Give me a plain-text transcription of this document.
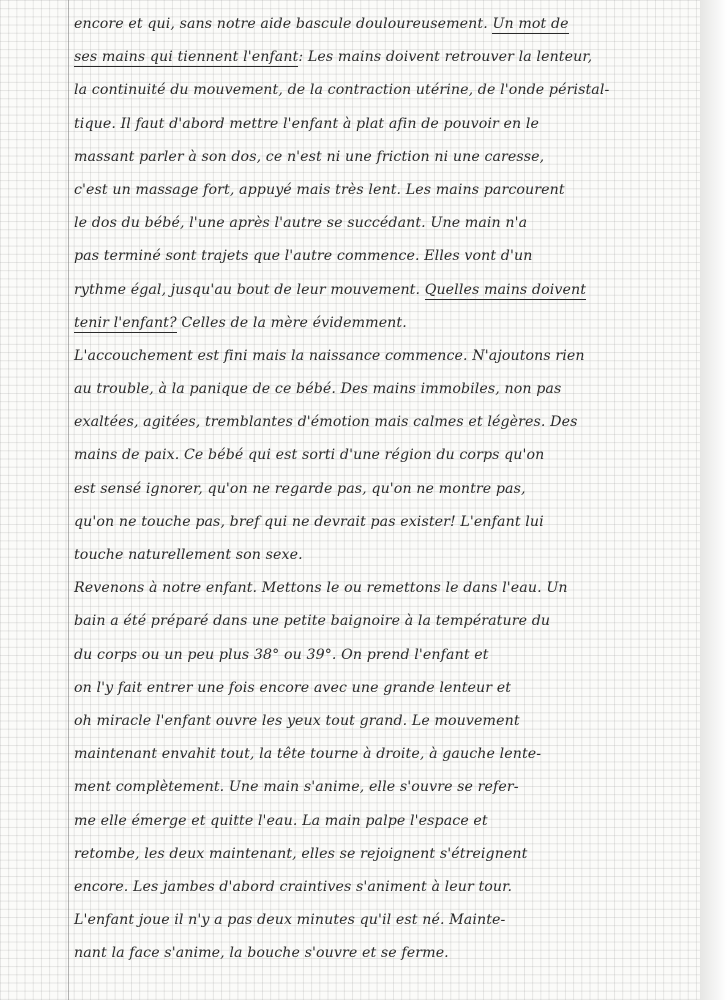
encore et qui, sans notre aide bascule douloureusement. Un mot de
ses mains qui tiennent l'enfant: Les mains doivent retrouver la lenteur,
la continuité du mouvement, de la contraction utérine, de l'onde péristal-
tique. Il faut d'abord mettre l'enfant à plat afin de pouvoir en le
massant parler à son dos, ce n'est ni une friction ni une caresse,
c'est un massage fort, appuyé mais très lent. Les mains parcourent
le dos du bébé, l'une après l'autre se succédant. Une main n'a
pas terminé sont trajets que l'autre commence. Elles vont d'un
rythme égal, jusqu'au bout de leur mouvement. Quelles mains doivent
tenir l'enfant? Celles de la mère évidemment.
L'accouchement est fini mais la naissance commence. N'ajoutons rien
au trouble, à la panique de ce bébé. Des mains immobiles, non pas
exaltées, agitées, tremblantes d'émotion mais calmes et légères. Des
mains de paix. Ce bébé qui est sorti d'une région du corps qu'on
est sensé ignorer, qu'on ne regarde pas, qu'on ne montre pas,
qu'on ne touche pas, bref qui ne devrait pas exister! L'enfant lui
touche naturellement son sexe.
Revenons à notre enfant. Mettons le ou remettons le dans l'eau. Un
bain a été préparé dans une petite baignoire à la température du
du corps ou un peu plus 38° ou 39°. On prend l'enfant et
on l'y fait entrer une fois encore avec une grande lenteur et
oh miracle l'enfant ouvre les yeux tout grand. Le mouvement
maintenant envahit tout, la tête tourne à droite, à gauche lente-
ment complètement. Une main s'anime, elle s'ouvre se refer-
me elle émerge et quitte l'eau. La main palpe l'espace et
retombe, les deux maintenant, elles se rejoignent s'étreignent
encore. Les jambes d'abord craintives s'animent à leur tour.
L'enfant joue il n'y a pas deux minutes qu'il est né. Mainte-
nant la face s'anime, la bouche s'ouvre et se ferme.
